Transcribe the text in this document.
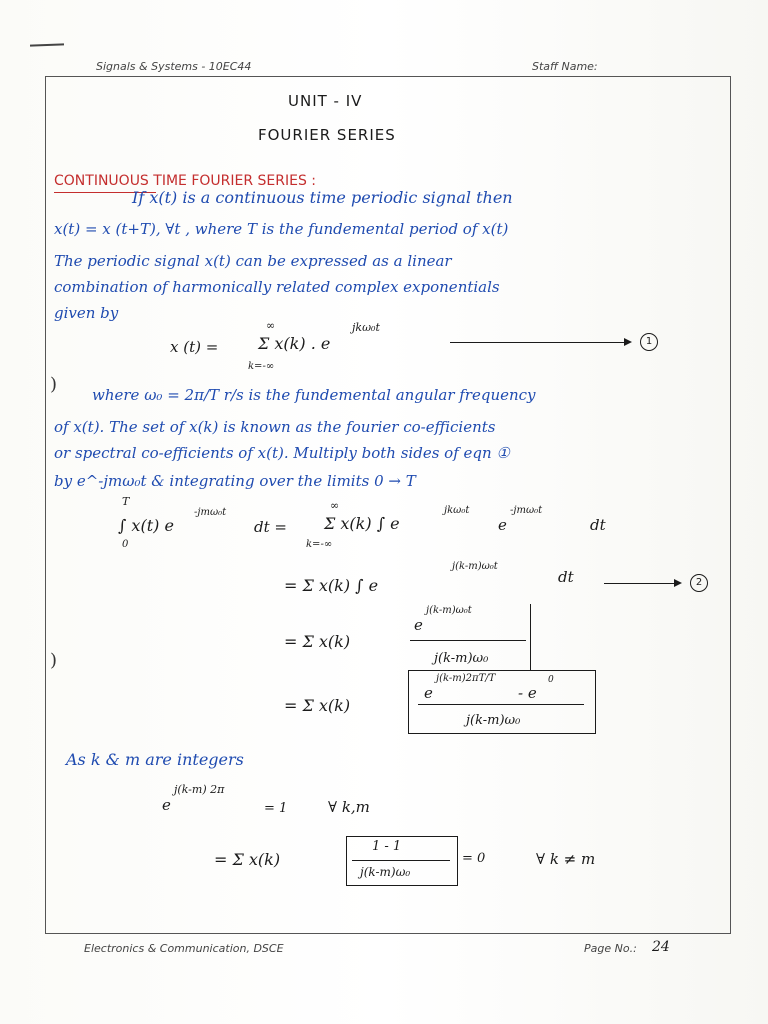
Signals & Systems - 10EC44	Staff Name:
UNIT - IV
FOURIER SERIES
CONTINUOUS TIME FOURIER SERIES :
If x(t) is a continuous time periodic signal then
x(t) = x (t+T), ∀t , where T is the fundemental period of x(t)
The periodic signal x(t) can be expressed as a linear
combination of harmonically related complex exponentials
given by
x (t) =
∞
Σ x(k) . e
jkω₀t
k=-∞
1
) where ω₀ = 2π/T r/s is the fundemental angular frequency
of x(t). The set of x(k) is known as the fourier co-efficients
or spectral co-efficients of x(t). Multiply both sides of eqn ①
by e^-jmω₀t & integrating over the limits 0 → T
T
∫ x(t) e
-jmω₀t
0
dt =
∞
Σ x(k) ∫ e
jkω₀t
e
-jmω₀t
dt
k=-∞
= Σ x(k) ∫ e
j(k-m)ω₀t
dt	2
= Σ x(k)
e
j(k-m)ω₀t
j(k-m)ω₀
)
= Σ x(k)
e
j(k-m)2πT/T
- e
0
j(k-m)ω₀
As k & m are integers
e
j(k-m) 2π
= 1	∀ k,m
= Σ x(k)
1 - 1
j(k-m)ω₀
= 0	∀ k ≠ m
Electronics & Communication, DSCE	Page No.: 24
